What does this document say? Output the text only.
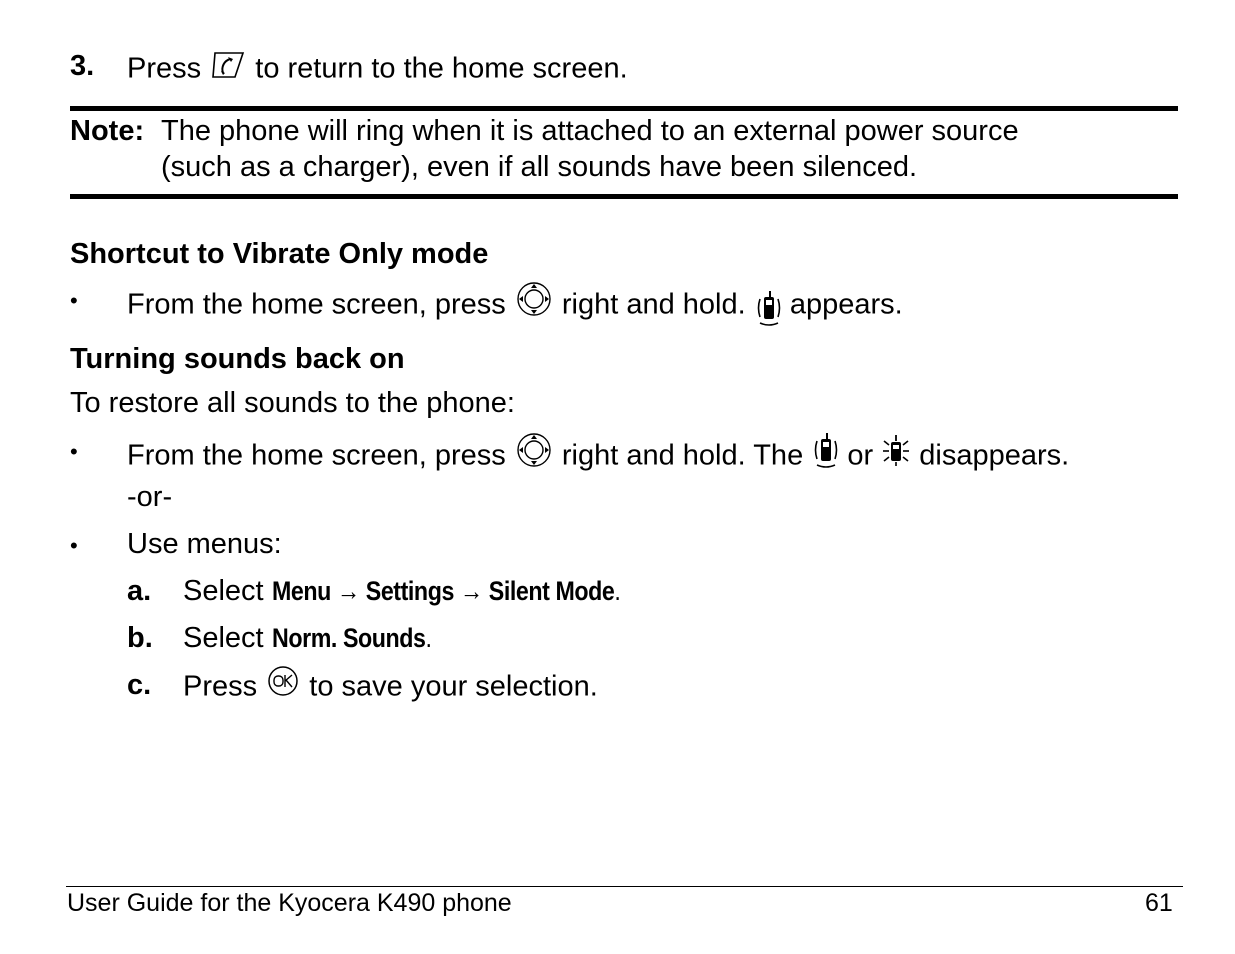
3. Press to return to the home screen.
Note: The phone will ring when it is attached to an external power source
(such as a charger), even if all sounds have been silenced.
Shortcut to Vibrate Only mode
• From the home screen, press right and hold. appears.
Turning sounds back on
To restore all sounds to the phone:
• From the home screen, press right and hold. The or disappears.
-or-
• Use menus:
a. Select Menu → Settings → Silent Mode.
b. Select Norm. Sounds.
c. Press to save your selection.
User Guide for the Kyocera K490 phone	61
